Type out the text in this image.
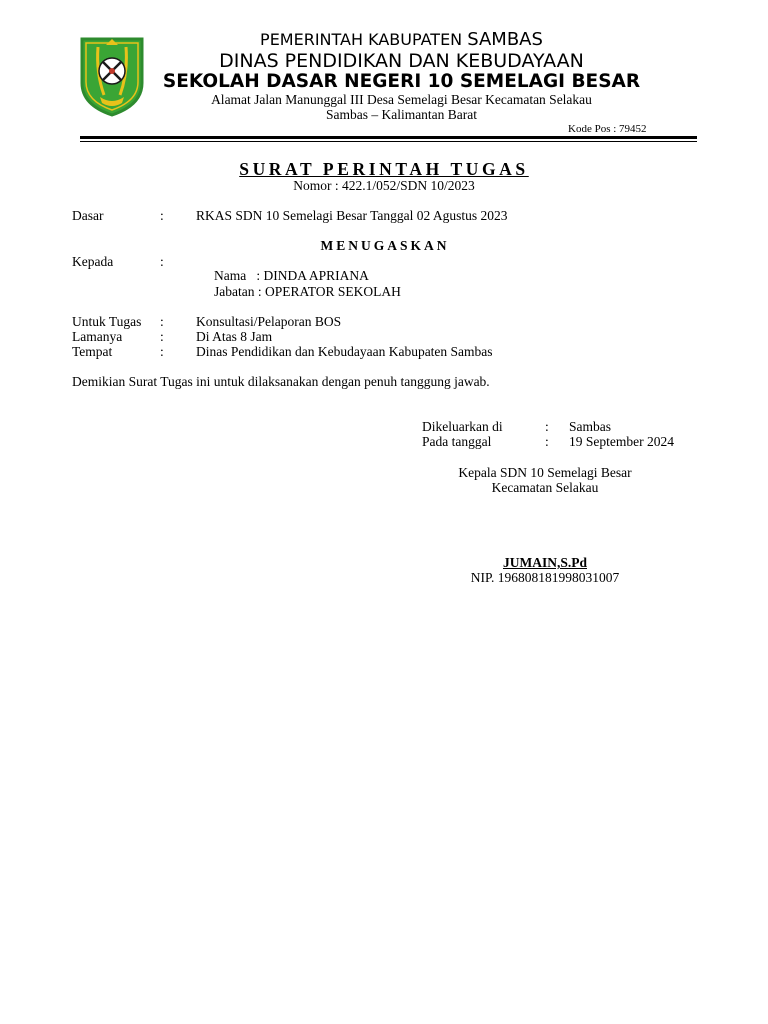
PEMERINTAH KABUPATEN SAMBAS
DINAS PENDIDIKAN DAN KEBUDAYAAN
SEKOLAH DASAR NEGERI 10 SEMELAGI BESAR
Alamat Jalan Manunggal III Desa Semelagi Besar Kecamatan Selakau
Sambas – Kalimantan Barat
Kode Pos : 79452
SURAT PERINTAH TUGAS
Nomor : 422.1/052/SDN 10/2023
Dasar	: RKAS SDN 10 Semelagi Besar Tanggal 02 Agustus 2023
MENUGASKAN
Kepada	:
Nama   : DINDA APRIANA
Jabatan : OPERATOR SEKOLAH
Untuk Tugas : Konsultasi/Pelaporan BOS
Lamanya	: Di Atas 8 Jam
Tempat	: Dinas Pendidikan dan Kebudayaan Kabupaten Sambas
Demikian Surat Tugas ini untuk dilaksanakan dengan penuh tanggung jawab.
Dikeluarkan di	: Sambas
Pada tanggal	: 19 September 2024
Kepala SDN 10 Semelagi Besar
Kecamatan Selakau
JUMAIN,S.Pd
NIP. 196808181998031007
